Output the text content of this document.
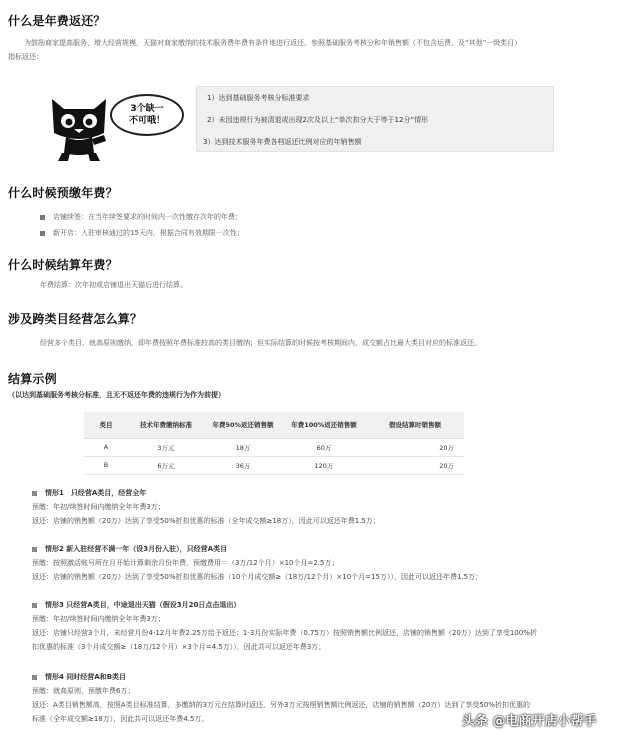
什么是年费返还？
为鼓励商家提高服务、增大经营规模，天猫对商家缴纳的技术服务费年费有条件地进行返还。参照基础服务考核分和年销售额（不包含运费、及“其他”一级类目）
指标返还：
3个缺一
不可哦！
1）达到基础服务考核分标准要求
2）未因违规行为被清退或出现2次及以上“单次扣分大于等于12分”情形
3）达到技术服务年费各档返还比例对应的年销售额
什么时候预缴年费？
店铺续签：在当年续签要求的时间内一次性缴存次年的年费；
新开店：入驻审核通过的15天内，根据合同有效期限一次性；
什么时候结算年费？
年费结算：次年初或店铺退出天猫后进行结算。
涉及跨类目经营怎么算？
经营多个类目，就高原则缴纳，即年费按照年费标准较高的类目缴纳；但实际结算的时候按考核期间内，成交额占比最大类目对应的标准返还。
结算示例
（以达到基础服务考核分标准，且无不返还年费的违规行为作为前提）
类目	技术年费缴纳标准	年费50%返还销售额	年费100%返还销售额	假设结算时销售额
A	3万元	18万	60万	20万
B	6万元	36万	120万	20万
情形1　只经营A类目，经营全年
预缴：年初/续签时间内缴纳全年年费3万；
返还：店铺的销售额（20万）达到了享受50%折扣优惠的标准（全年成交额≥18万），因此可以返还年费1.5万；
情形2 新入驻经营不满一年（设3月份入驻），只经营A类目
预缴：按照激活账号所在月开始计算剩余月份年费，预缴费用＝（3万/12个月）×10个月=2.5万；
返还：店铺的销售额（20万）达到了享受50%折扣优惠的标准（10个月成交额≥（18万/12个月）×10个月=15万）），因此可以返还年费1.5万；
情形3 只经营A类目，中途退出天猫（假设3月20日点击退出）
预缴：年初/续签时间内缴纳全年年费3万；
返还：店铺只经营3个月，未经营月份4-12月年费2.25万给予返还；1-3月份实际年费（0.75万）按照销售额比例返还，店铺的销售额（20万）达到了享受100%折
扣优惠的标准（3个月成交额≥（18万/12个月）×3个月=4.5万）），因此共可以返还年费3万；
情形4 同时经营A和B类目
预缴：就高原则，预缴年费6万；
返还：A类目销售额高，按照A类目标准结算，多缴纳的3万元在结算时返还，另外3万元按照销售额比例返还，店铺的销售额（20万）达到了享受50%折扣优惠的
标准（全年成交额≥18万），因此共可以返还年费4.5万。	头条 @电商开店小帮手
